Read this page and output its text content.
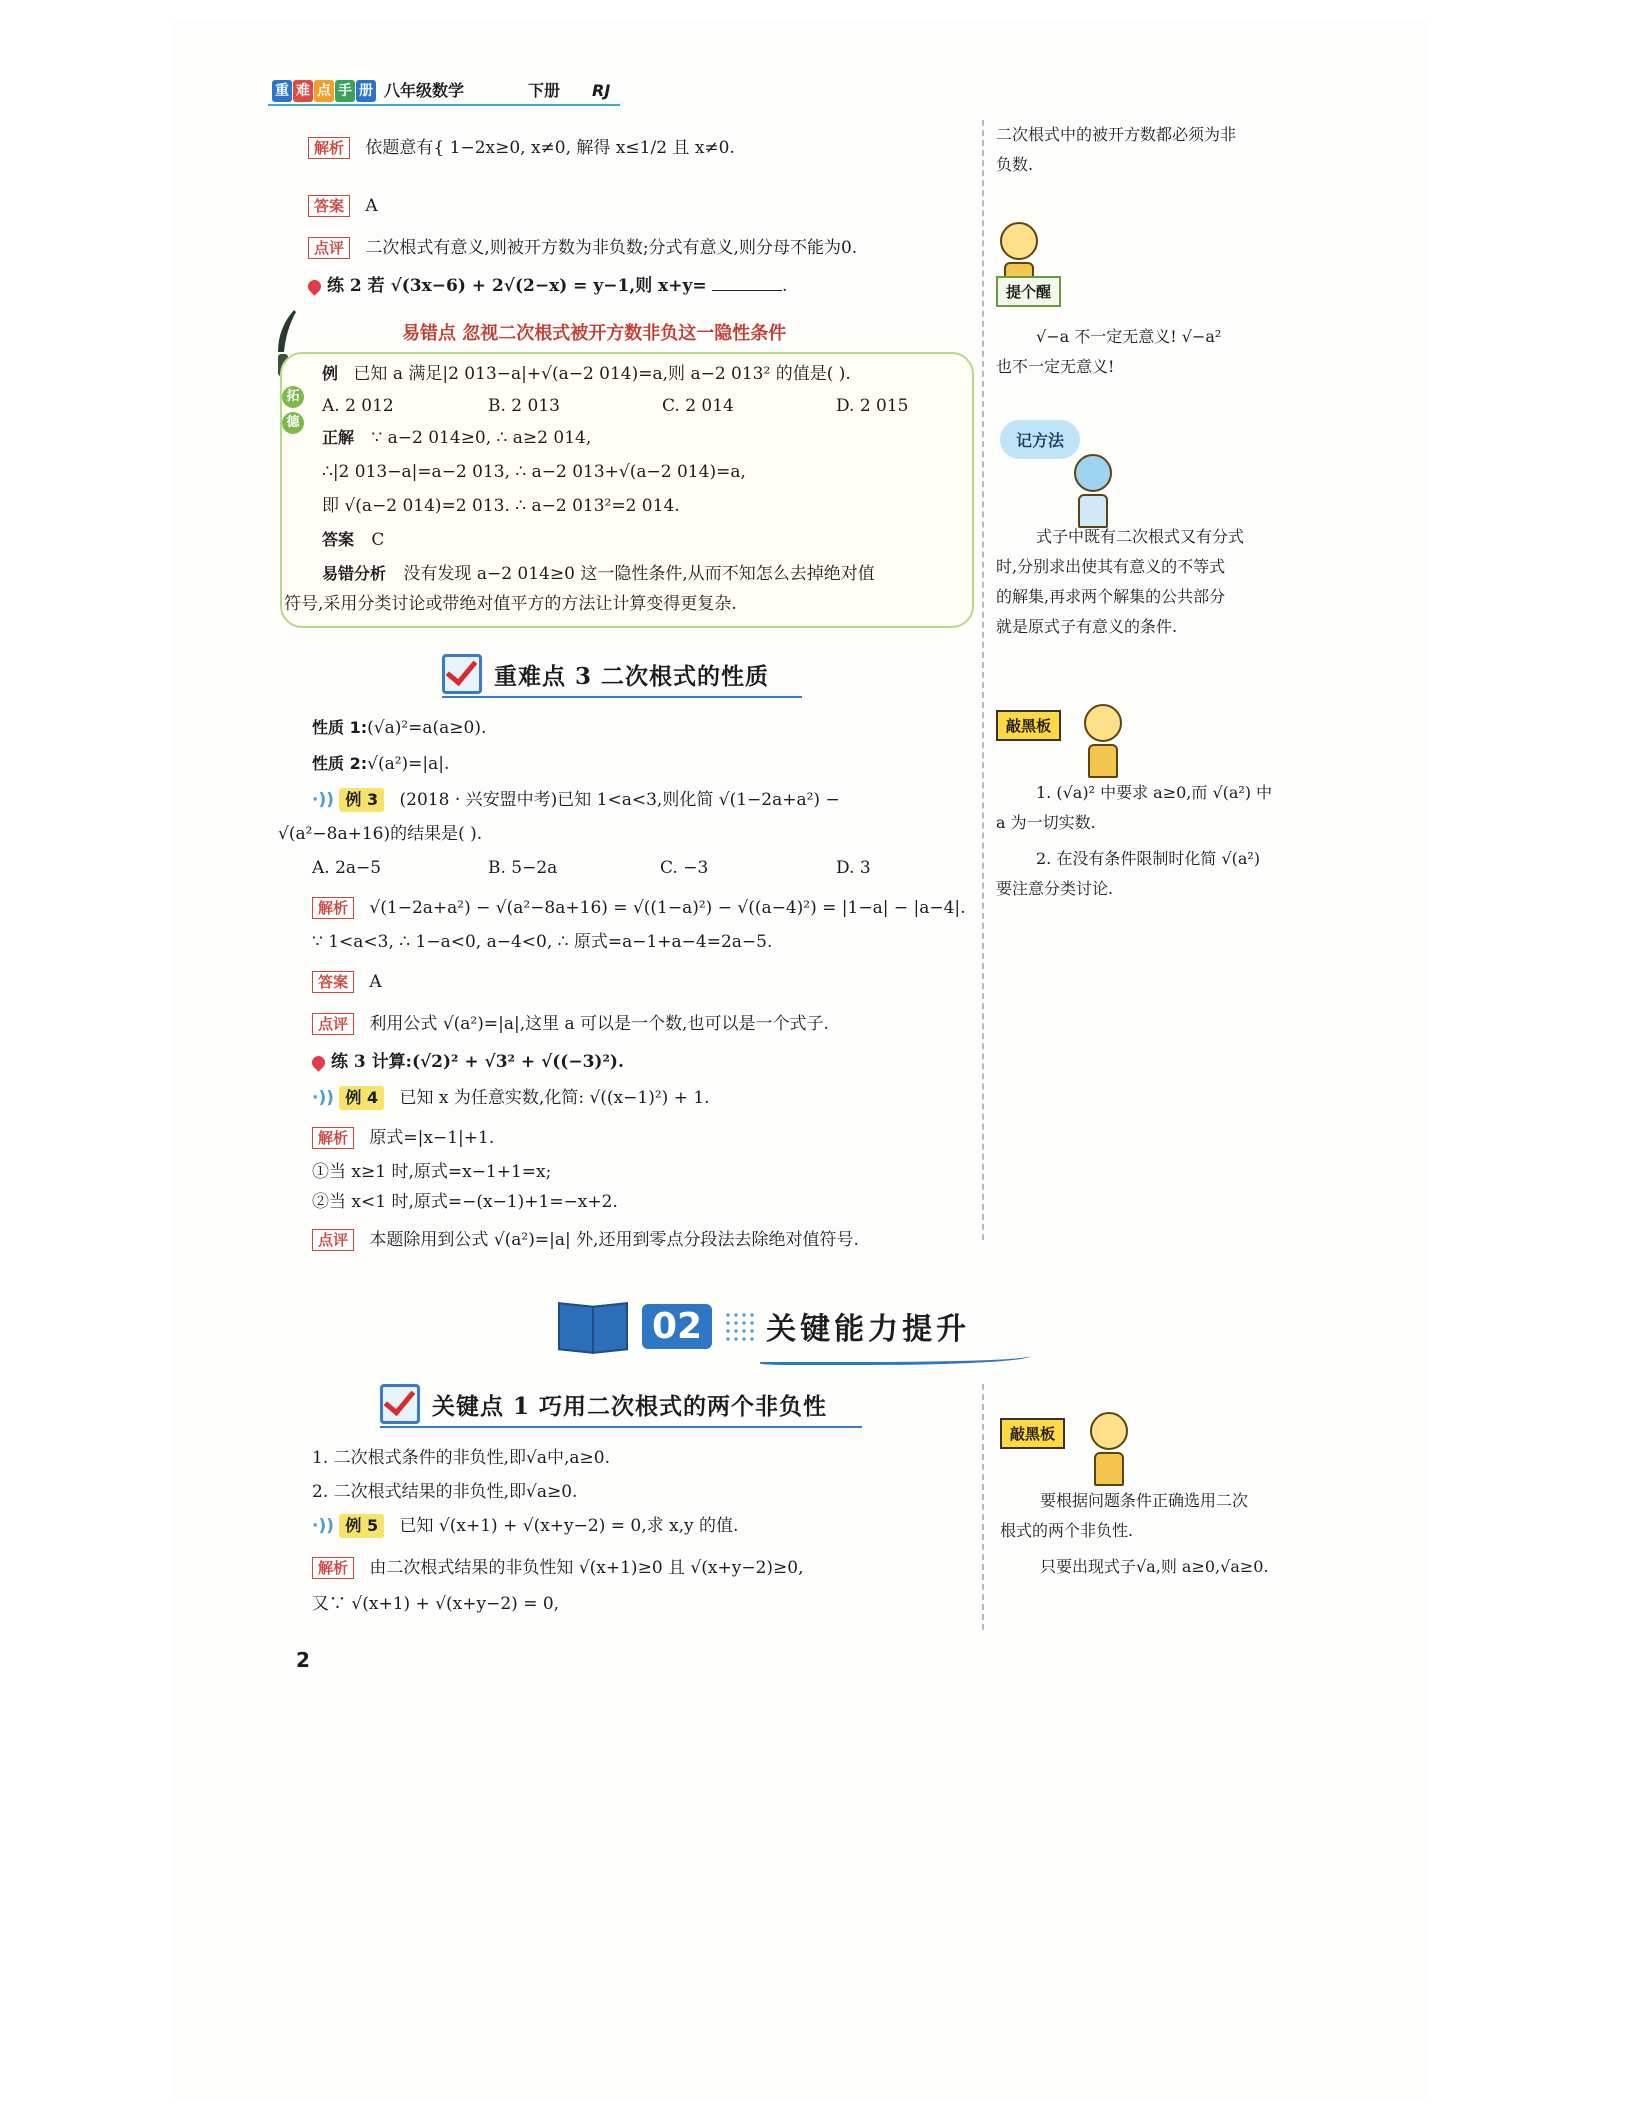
重 难 点 手 册 八年级数学	下册 RJ
解析 依题意有{ 1−2x≥0, x≠0, 解得 x≤1/2 且 x≠0.
答案 A
点评 二次根式有意义,则被开方数为非负数;分式有意义,则分母不能为0.
练 2 若 √(3x−6) + 2√(2−x) = y−1,则 x+y=	.
易错点 忽视二次根式被开方数非负这一隐性条件
拓
德
例 已知 a 满足|2 013−a|+√(a−2 014)=a,则 a−2 013² 的值是( ).
A. 2 012	B. 2 013	C. 2 014	D. 2 015
正解 ∵ a−2 014≥0, ∴ a≥2 014,
∴|2 013−a|=a−2 013, ∴ a−2 013+√(a−2 014)=a,
即 √(a−2 014)=2 013. ∴ a−2 013²=2 014.
答案 C
易错分析 没有发现 a−2 014≥0 这一隐性条件,从而不知怎么去掉绝对值
符号,采用分类讨论或带绝对值平方的方法让计算变得更复杂.
重难点 3 二次根式的性质
性质 1:(√a)²=a(a≥0).
性质 2:√(a²)=|a|.
·)) 例 3 (2018 · 兴安盟中考)已知 1<a<3,则化简 √(1−2a+a²) −
√(a²−8a+16)的结果是( ).
A. 2a−5	B. 5−2a	C. −3	D. 3
解析 √(1−2a+a²) − √(a²−8a+16) = √((1−a)²) − √((a−4)²) = |1−a| − |a−4|.
∵ 1<a<3, ∴ 1−a<0, a−4<0, ∴ 原式=a−1+a−4=2a−5.
答案 A
点评 利用公式 √(a²)=|a|,这里 a 可以是一个数,也可以是一个式子.
练 3 计算:(√2)² + √3² + √((−3)²).
·)) 例 4 已知 x 为任意实数,化简: √((x−1)²) + 1.
解析 原式=|x−1|+1.
①当 x≥1 时,原式=x−1+1=x;
②当 x<1 时,原式=−(x−1)+1=−x+2.
点评 本题除用到公式 √(a²)=|a| 外,还用到零点分段法去除绝对值符号.
02	关键能力提升
关键点 1 巧用二次根式的两个非负性
1. 二次根式条件的非负性,即√a中,a≥0.
2. 二次根式结果的非负性,即√a≥0.
·)) 例 5 已知 √(x+1) + √(x+y−2) = 0,求 x,y 的值.
解析 由二次根式结果的非负性知 √(x+1)≥0 且 √(x+y−2)≥0,
又∵ √(x+1) + √(x+y−2) = 0,
2
二次根式中的被开方数都必须为非
负数.
提个醒
√−a 不一定无意义! √−a²
也不一定无意义!
记方法
式子中既有二次根式又有分式
时,分别求出使其有意义的不等式
的解集,再求两个解集的公共部分
就是原式子有意义的条件.
敲黑板
1. (√a)² 中要求 a≥0,而 √(a²) 中
a 为一切实数.
2. 在没有条件限制时化简 √(a²)
要注意分类讨论.
敲黑板
要根据问题条件正确选用二次
根式的两个非负性.
只要出现式子√a,则 a≥0,√a≥0.
